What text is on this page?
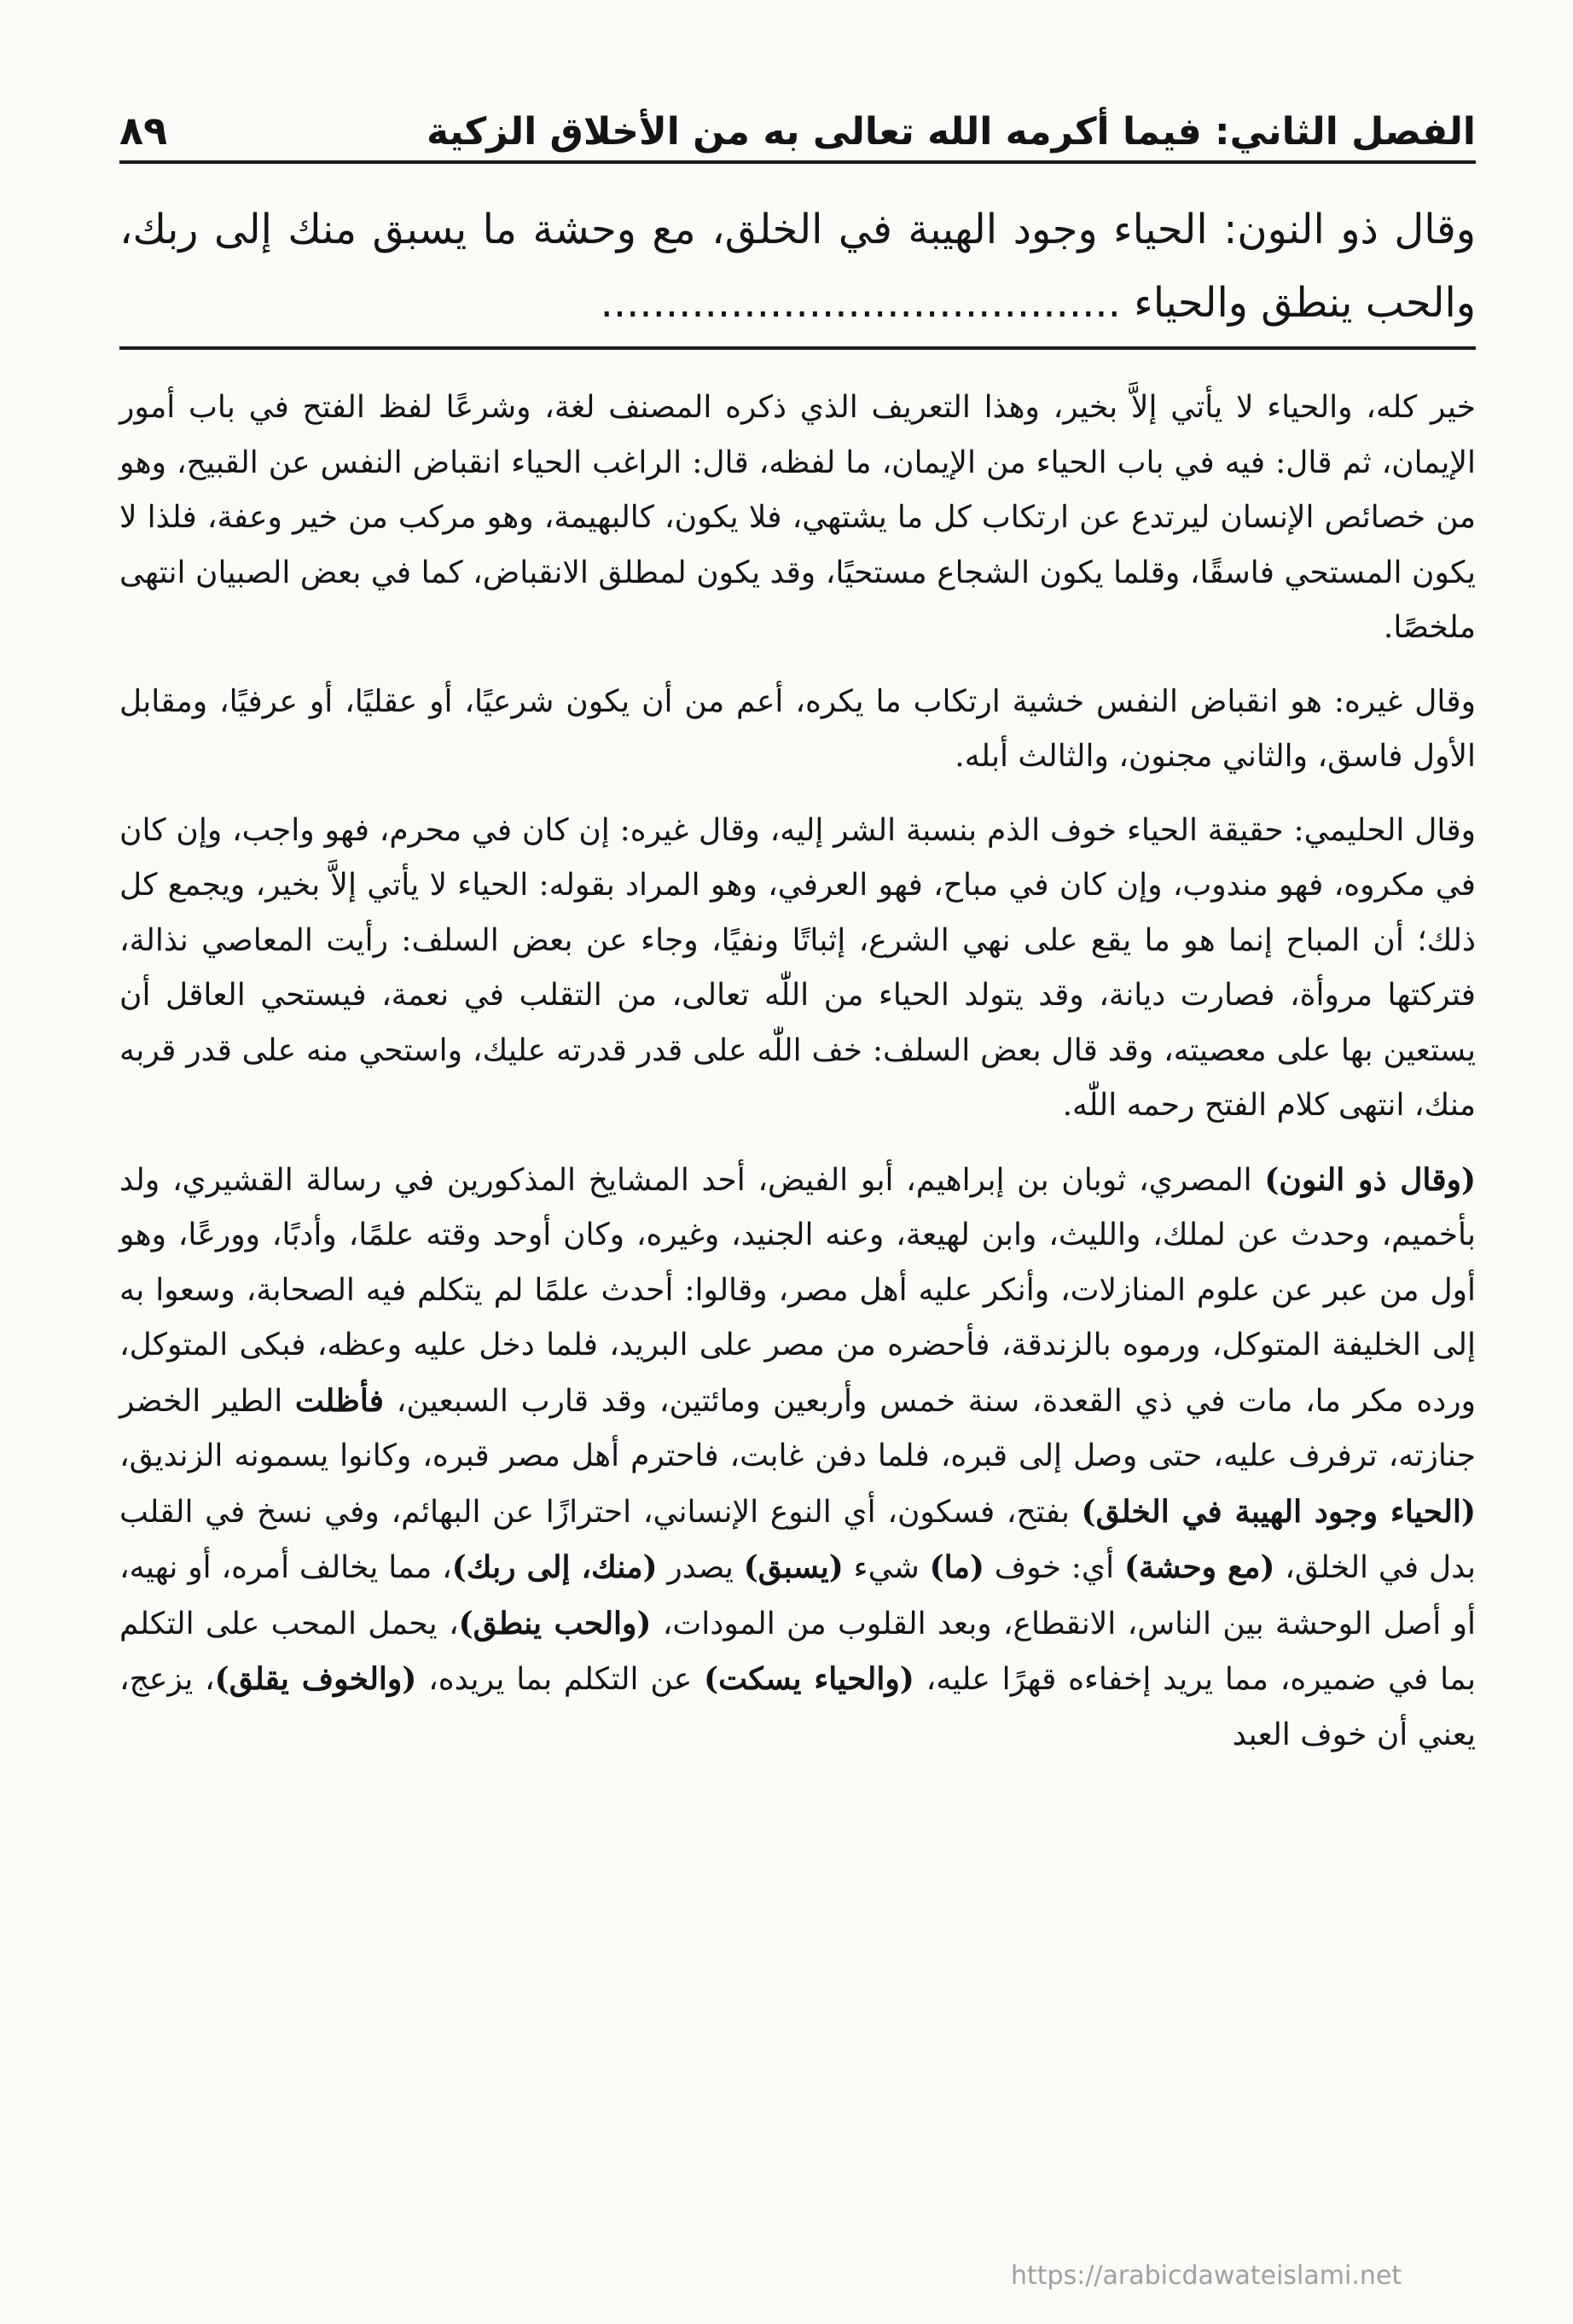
الفصل الثاني: فيما أكرمه الله تعالى به من الأخلاق الزكية
٨٩
وقال ذو النون: الحياء وجود الهيبة في الخلق، مع وحشة ما يسبق منك إلى ربك، والحب ينطق والحياء ........................................

خير كله، والحياء لا يأتي إلاَّ بخير، وهذا التعريف الذي ذكره المصنف لغة، وشرعًا لفظ الفتح في باب أمور الإيمان، ثم قال: فيه في باب الحياء من الإيمان، ما لفظه، قال: الراغب الحياء انقباض النفس عن القبيح، وهو من خصائص الإنسان ليرتدع عن ارتكاب كل ما يشتهي، فلا يكون، كالبهيمة، وهو مركب من خير وعفة، فلذا لا يكون المستحي فاسقًا، وقلما يكون الشجاع مستحيًا، وقد يكون لمطلق الانقباض، كما في بعض الصبيان انتهى ملخصًا.

وقال غيره: هو انقباض النفس خشية ارتكاب ما يكره، أعم من أن يكون شرعيًا، أو عقليًا، أو عرفيًا، ومقابل الأول فاسق، والثاني مجنون، والثالث أبله.

وقال الحليمي: حقيقة الحياء خوف الذم بنسبة الشر إليه، وقال غيره: إن كان في محرم، فهو واجب، وإن كان في مكروه، فهو مندوب، وإن كان في مباح، فهو العرفي، وهو المراد بقوله: الحياء لا يأتي إلاَّ بخير، ويجمع كل ذلك؛ أن المباح إنما هو ما يقع على نهي الشرع، إثباتًا ونفيًا، وجاء عن بعض السلف: رأيت المعاصي نذالة، فتركتها مروأة، فصارت ديانة، وقد يتولد الحياء من اللّٰه تعالى، من التقلب في نعمة، فيستحي العاقل أن يستعين بها على معصيته، وقد قال بعض السلف: خف اللّٰه على قدر قدرته عليك، واستحي منه على قدر قربه منك، انتهى كلام الفتح رحمه اللّٰه.

(وقال ذو النون) المصري، ثوبان بن إبراهيم، أبو الفيض، أحد المشايخ المذكورين في رسالة القشيري، ولد بأخميم، وحدث عن لملك، والليث، وابن لهيعة، وعنه الجنيد، وغيره، وكان أوحد وقته علمًا، وأدبًا، وورعًا، وهو أول من عبر عن علوم المنازلات، وأنكر عليه أهل مصر، وقالوا: أحدث علمًا لم يتكلم فيه الصحابة، وسعوا به إلى الخليفة المتوكل، ورموه بالزندقة، فأحضره من مصر على البريد، فلما دخل عليه وعظه، فبكى المتوكل، ورده مكر ما، مات في ذي القعدة، سنة خمس وأربعين ومائتين، وقد قارب السبعين، فأظلت الطير الخضر جنازته، ترفرف عليه، حتى وصل إلى قبره، فلما دفن غابت، فاحترم أهل مصر قبره، وكانوا يسمونه الزنديق، (الحياء وجود الهيبة في الخلق) بفتح، فسكون، أي النوع الإنساني، احترازًا عن البهائم، وفي نسخ في القلب بدل في الخلق، (مع وحشة) أي: خوف (ما) شيء (يسبق) يصدر (منك، إلى ربك)، مما يخالف أمره، أو نهيه، أو أصل الوحشة بين الناس، الانقطاع، وبعد القلوب من المودات، (والحب ينطق)، يحمل المحب على التكلم بما في ضميره، مما يريد إخفاءه قهرًا عليه، (والحياء يسكت) عن التكلم بما يريده، (والخوف يقلق)، يزعج، يعني أن خوف العبد

https://arabicdawateislami.net
